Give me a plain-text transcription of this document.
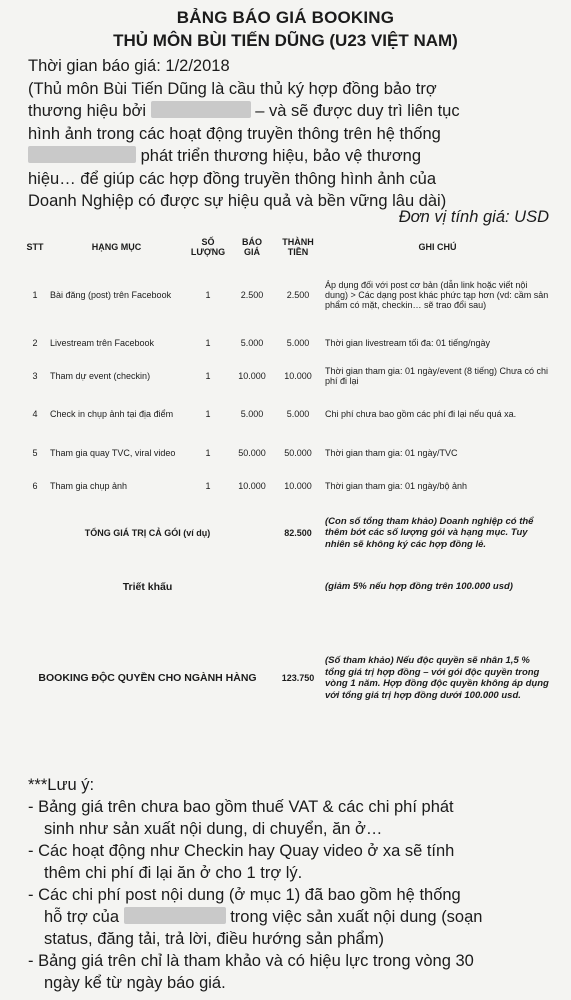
BẢNG BÁO GIÁ BOOKING
THỦ MÔN BÙI TIẾN DŨNG (U23 VIỆT NAM)
Thời gian báo giá: 1/2/2018
(Thủ môn Bùi Tiến Dũng là cầu thủ ký hợp đồng bảo trợ
thương hiệu bởi	– và sẽ được duy trì liên tục
hình ảnh trong các hoạt động truyền thông trên hệ thống
phát triển thương hiệu, bảo vệ thương
hiệu… để giúp các hợp đồng truyền thông hình ảnh của
Doanh Nghiệp có được sự hiệu quả và bền vững lâu dài)
Đơn vị tính giá: USD
STT	HẠNG MỤC	SỐ LƯỢNG	BÁO GIÁ	THÀNH TIỀN	GHI CHÚ
1	Bài đăng (post) trên Facebook	1	2.500	2.500	Áp dụng đối với post cơ bản (dẫn link hoặc viết nội dung) > Các dạng post khác phức tạp hơn (vd: cầm sản phẩm có mặt, checkin… sẽ trao đổi sau)
2	Livestream trên Facebook	1	5.000	5.000	Thời gian livestream tối đa: 01 tiếng/ngày
3	Tham dự event (checkin)	1	10.000	10.000	Thời gian tham gia: 01 ngày/event (8 tiếng) Chưa có chi phí đi lại
4	Check in chụp ảnh tại địa điểm	1	5.000	5.000	Chi phí chưa bao gồm các phí đi lại nếu quá xa.
5	Tham gia quay TVC, viral video	1	50.000	50.000	Thời gian tham gia: 01 ngày/TVC
6	Tham gia chụp ảnh	1	10.000	10.000	Thời gian tham gia: 01 ngày/bộ ảnh
TỔNG GIÁ TRỊ CẢ GÓI (ví dụ)				82.500	(Con số tổng tham khảo) Doanh nghiệp có thể thêm bớt các số lượng gói và hạng mục. Tuy nhiên sẽ không ký các hợp đồng lẻ.
Triết khấu					(giảm 5% nếu hợp đồng trên 100.000 usd)
BOOKING ĐỘC QUYỀN CHO NGÀNH HÀNG				123.750	(Số tham khảo) Nếu độc quyền sẽ nhân 1,5 % tổng giá trị hợp đồng – với gói độc quyền trong vòng 1 năm. Hợp đồng độc quyền không áp dụng với tổng giá trị hợp đồng dưới 100.000 usd.
***Lưu ý:
- Bảng giá trên chưa bao gồm thuế VAT & các chi phí phát
sinh như sản xuất nội dung, di chuyển, ăn ở…
- Các hoạt động như Checkin hay Quay video ở xa sẽ tính
thêm chi phí đi lại ăn ở cho 1 trợ lý.
- Các chi phí post nội dung (ở mục 1) đã bao gồm hệ thống
hỗ trợ của	trong việc sản xuất nội dung (soạn
status, đăng tải, trả lời, điều hướng sản phẩm)
- Bảng giá trên chỉ là tham khảo và có hiệu lực trong vòng 30
ngày kể từ ngày báo giá.
